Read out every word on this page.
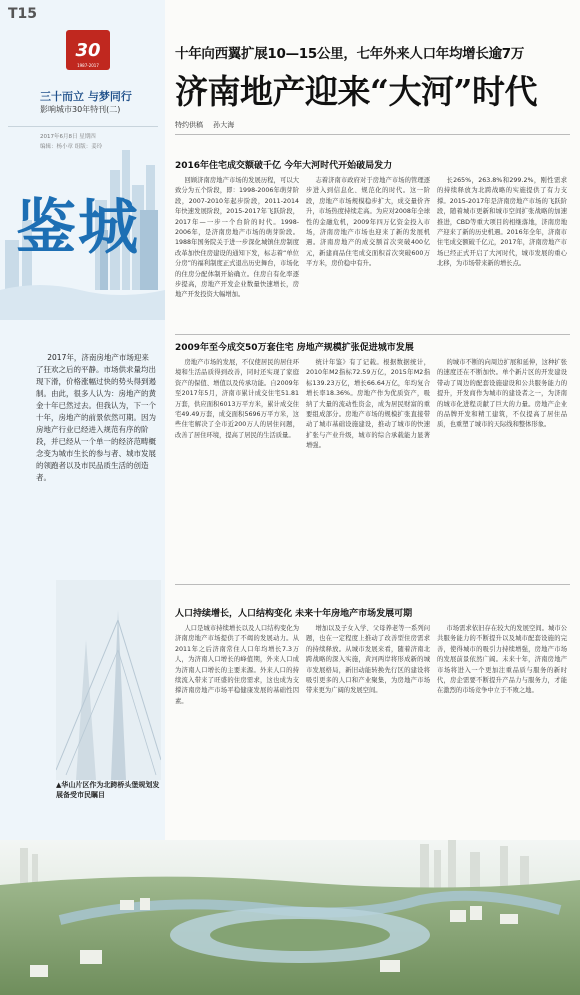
T15
30
1987-2017
三十而立 与梦同行
影响城市30年特刊(二)
2017年6月8日 星期四
编辑：杨小章 组版：姜玲
鉴城
2017年，济南房地产市场迎来了狂欢之后的平静。市场供求量均出现下滑，价格涨幅过快的势头得到遏制。由此，很多人认为：房地产的黄金十年已然过去。但我认为，下一个十年，房地产的前景依然可期。因为房地产行业已经进入规范有序的阶段，并已经从一个单一的经济范畴概念变为城市生长的参与者、城市发展的领跑者以及市民品质生活的创造者。
▲华山片区作为北跨桥头堡规划发展备受市民瞩目
十年向西翼扩展10—15公里，七年外来人口年均增长逾7万
济南地产迎来“大河”时代
特约供稿 孙大海
2016年住宅成交额破千亿 今年大河时代开始破局发力
回顾济南房地产市场的发展历程，可以大致分为五个阶段，即：1998-2006年萌芽阶段，2007-2010年起步阶段，2011-2014年快速发展阶段，2015-2017年飞跃阶段，2017年—一步一个台阶的时代。1998-2006年，是济南房地产市场的萌芽阶段。1988年国务院关于进一步深化城镇住房制度改革加快住房建设的通知下发，标志着“单位分房”的福利制度正式退出历史舞台，市场化的住房分配体制开始确立。住房自有化率逐步提高，房地产开发企业数量快速增长，房地产开发投资大幅增加。
志着济南市政府对于房地产市场的管理逐步进入到信息化、规范化的时代。这一阶段，房地产市场规模稳步扩大，成交量价齐升，市场热度持续走高。为应对2008年全球性的金融危机，2009年四万亿资金投入市场，济南房地产市场也迎来了新的发展机遇。济南房地产的成交额首次突破400亿元，新建商品住宅成交面积首次突破600万平方米，房价稳中有升。
长265%，263.8%和299.2%，刚性需求的持续释放为北跨战略的实施提供了有力支撑。2015-2017年是济南房地产市场的飞跃阶段，随着城市更新和城市空间扩张战略的加速推进，CBD等重大项目的相继落地，济南房地产迎来了新的历史机遇。2016年全年，济南市住宅成交额破千亿元，2017年，济南房地产市场已经正式开启了大河时代，城市发展的重心北移，为市场带来新的增长点。
2009年至今成交50万套住宅 房地产规模扩张促进城市发展
房地产市场的发展，不仅使居民的居住环境和生活品质得到改善，同时还实现了家庭资产的保值、增值以及传承功能。自2009年至2017年5月，济南市累计成交住宅51.81万套，供应面积6013万平方米，累计成交住宅49.49万套，成交面积5696万平方米，这些住宅解决了全市近200万人的居住问题，改善了居住环境，提高了居民的生活质量。
统计年鉴》有了记载。根据数据统计，2010年M2指标72.59万亿，2015年M2指标139.23万亿，增长66.64万亿，年均复合增长率18.36%。房地产作为优质资产，吸纳了大量的流动性资金，成为居民财富的重要组成部分。房地产市场的规模扩张直接带动了城市基础设施建设，推动了城市的快速扩张与产业升级，城市的综合承载能力显著增强。
的城市不断的向周边扩展和延伸，这种扩张的速度还在不断加快。单个新片区的开发建设带动了周边的配套设施建设和公共服务能力的提升，开发商作为城市的建设者之一，为济南的城市化进程贡献了巨大的力量。房地产企业的品牌开发和精工建筑，不仅提高了居住品质，也重塑了城市的天际线和整体形象。
人口持续增长，人口结构变化 未来十年房地产市场发展可期
人口是城市持续增长以及人口结构变化为济南房地产市场提供了不竭的发展动力。从2011年之后济南常住人口年均增长7.3万人，为济南人口增长的峰值期，外来人口成为济南人口增长的主要来源。外来人口的持续流入带来了旺盛的住房需求，这也成为支撑济南房地产市场平稳健康发展的基础性因素。
增加以及子女入学、父母养老等一系列问题，也在一定程度上推动了改善型住房需求的持续释放。从城市发展来看，随着济南北跨战略的深入实施，黄河两岸将形成新的城市发展格局，新旧动能转换先行区的建设将吸引更多的人口和产业聚集，为房地产市场带来更为广阔的发展空间。
市场需求依旧存在较大的发展空间。城市公共服务能力的不断提升以及城市配套设施的完善，使得城市的吸引力持续增强，房地产市场的发展前景依然广阔。未来十年，济南房地产市场将进入一个更加注重品质与服务的新时代，房企需要不断提升产品力与服务力，才能在激烈的市场竞争中立于不败之地。
